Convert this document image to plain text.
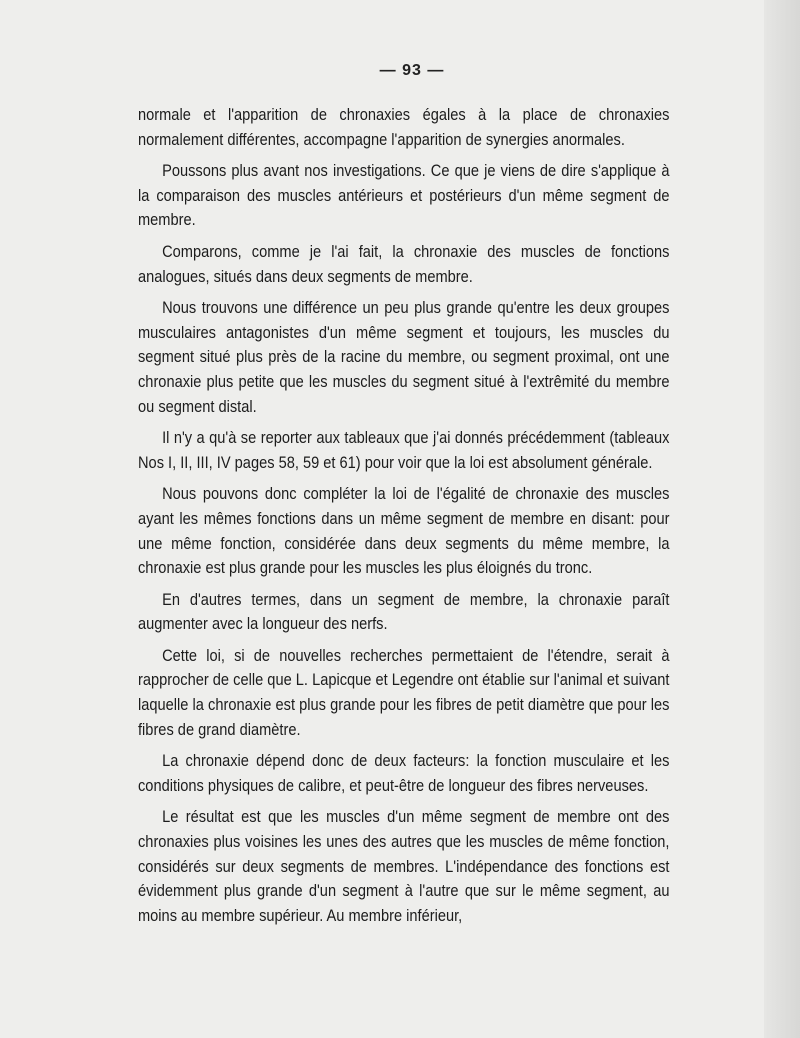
— 93 —

normale et l'apparition de chronaxies égales à la place de chronaxies normalement différentes, accompagne l'apparition de synergies anormales.

Poussons plus avant nos investigations. Ce que je viens de dire s'applique à la comparaison des muscles antérieurs et postérieurs d'un même segment de membre.

Comparons, comme je l'ai fait, la chronaxie des muscles de fonctions analogues, situés dans deux segments de membre.

Nous trouvons une différence un peu plus grande qu'entre les deux groupes musculaires antagonistes d'un même segment et toujours, les muscles du segment situé plus près de la racine du membre, ou segment proximal, ont une chronaxie plus petite que les muscles du segment situé à l'extrêmité du membre ou segment distal.

Il n'y a qu'à se reporter aux tableaux que j'ai donnés précédemment (tableaux Nos I, II, III, IV pages 58, 59 et 61) pour voir que la loi est absolument générale.

Nous pouvons donc compléter la loi de l'égalité de chronaxie des muscles ayant les mêmes fonctions dans un même segment de membre en disant: pour une même fonction, considérée dans deux segments du même membre, la chronaxie est plus grande pour les muscles les plus éloignés du tronc.

En d'autres termes, dans un segment de membre, la chronaxie paraît augmenter avec la longueur des nerfs.

Cette loi, si de nouvelles recherches permettaient de l'étendre, serait à rapprocher de celle que L. Lapicque et Legendre ont établie sur l'animal et suivant laquelle la chronaxie est plus grande pour les fibres de petit diamètre que pour les fibres de grand diamètre.

La chronaxie dépend donc de deux facteurs: la fonction musculaire et les conditions physiques de calibre, et peut-être de longueur des fibres nerveuses.

Le résultat est que les muscles d'un même segment de membre ont des chronaxies plus voisines les unes des autres que les muscles de même fonction, considérés sur deux segments de membres. L'indépendance des fonctions est évidemment plus grande d'un segment à l'autre que sur le même segment, au moins au membre supérieur. Au membre inférieur,
